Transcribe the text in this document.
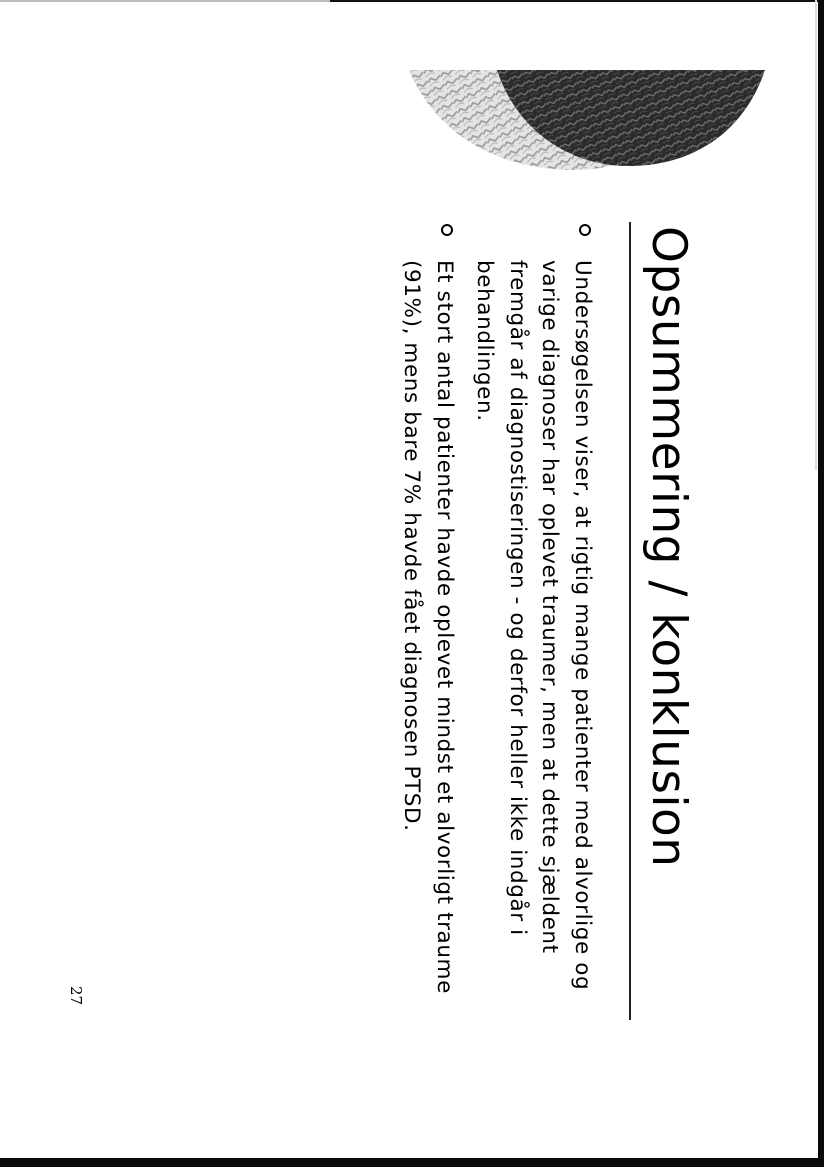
Opsummering / konklusion
Undersøgelsen viser, at rigtig mange patienter med alvorlige og varige diagnoser har oplevet traumer, men at dette sjældent fremgår af diagnostiseringen - og derfor heller ikke indgår i behandlingen.
Et stort antal patienter havde oplevet mindst et alvorligt traume (91%), mens bare 7% havde fået diagnosen PTSD.
27
